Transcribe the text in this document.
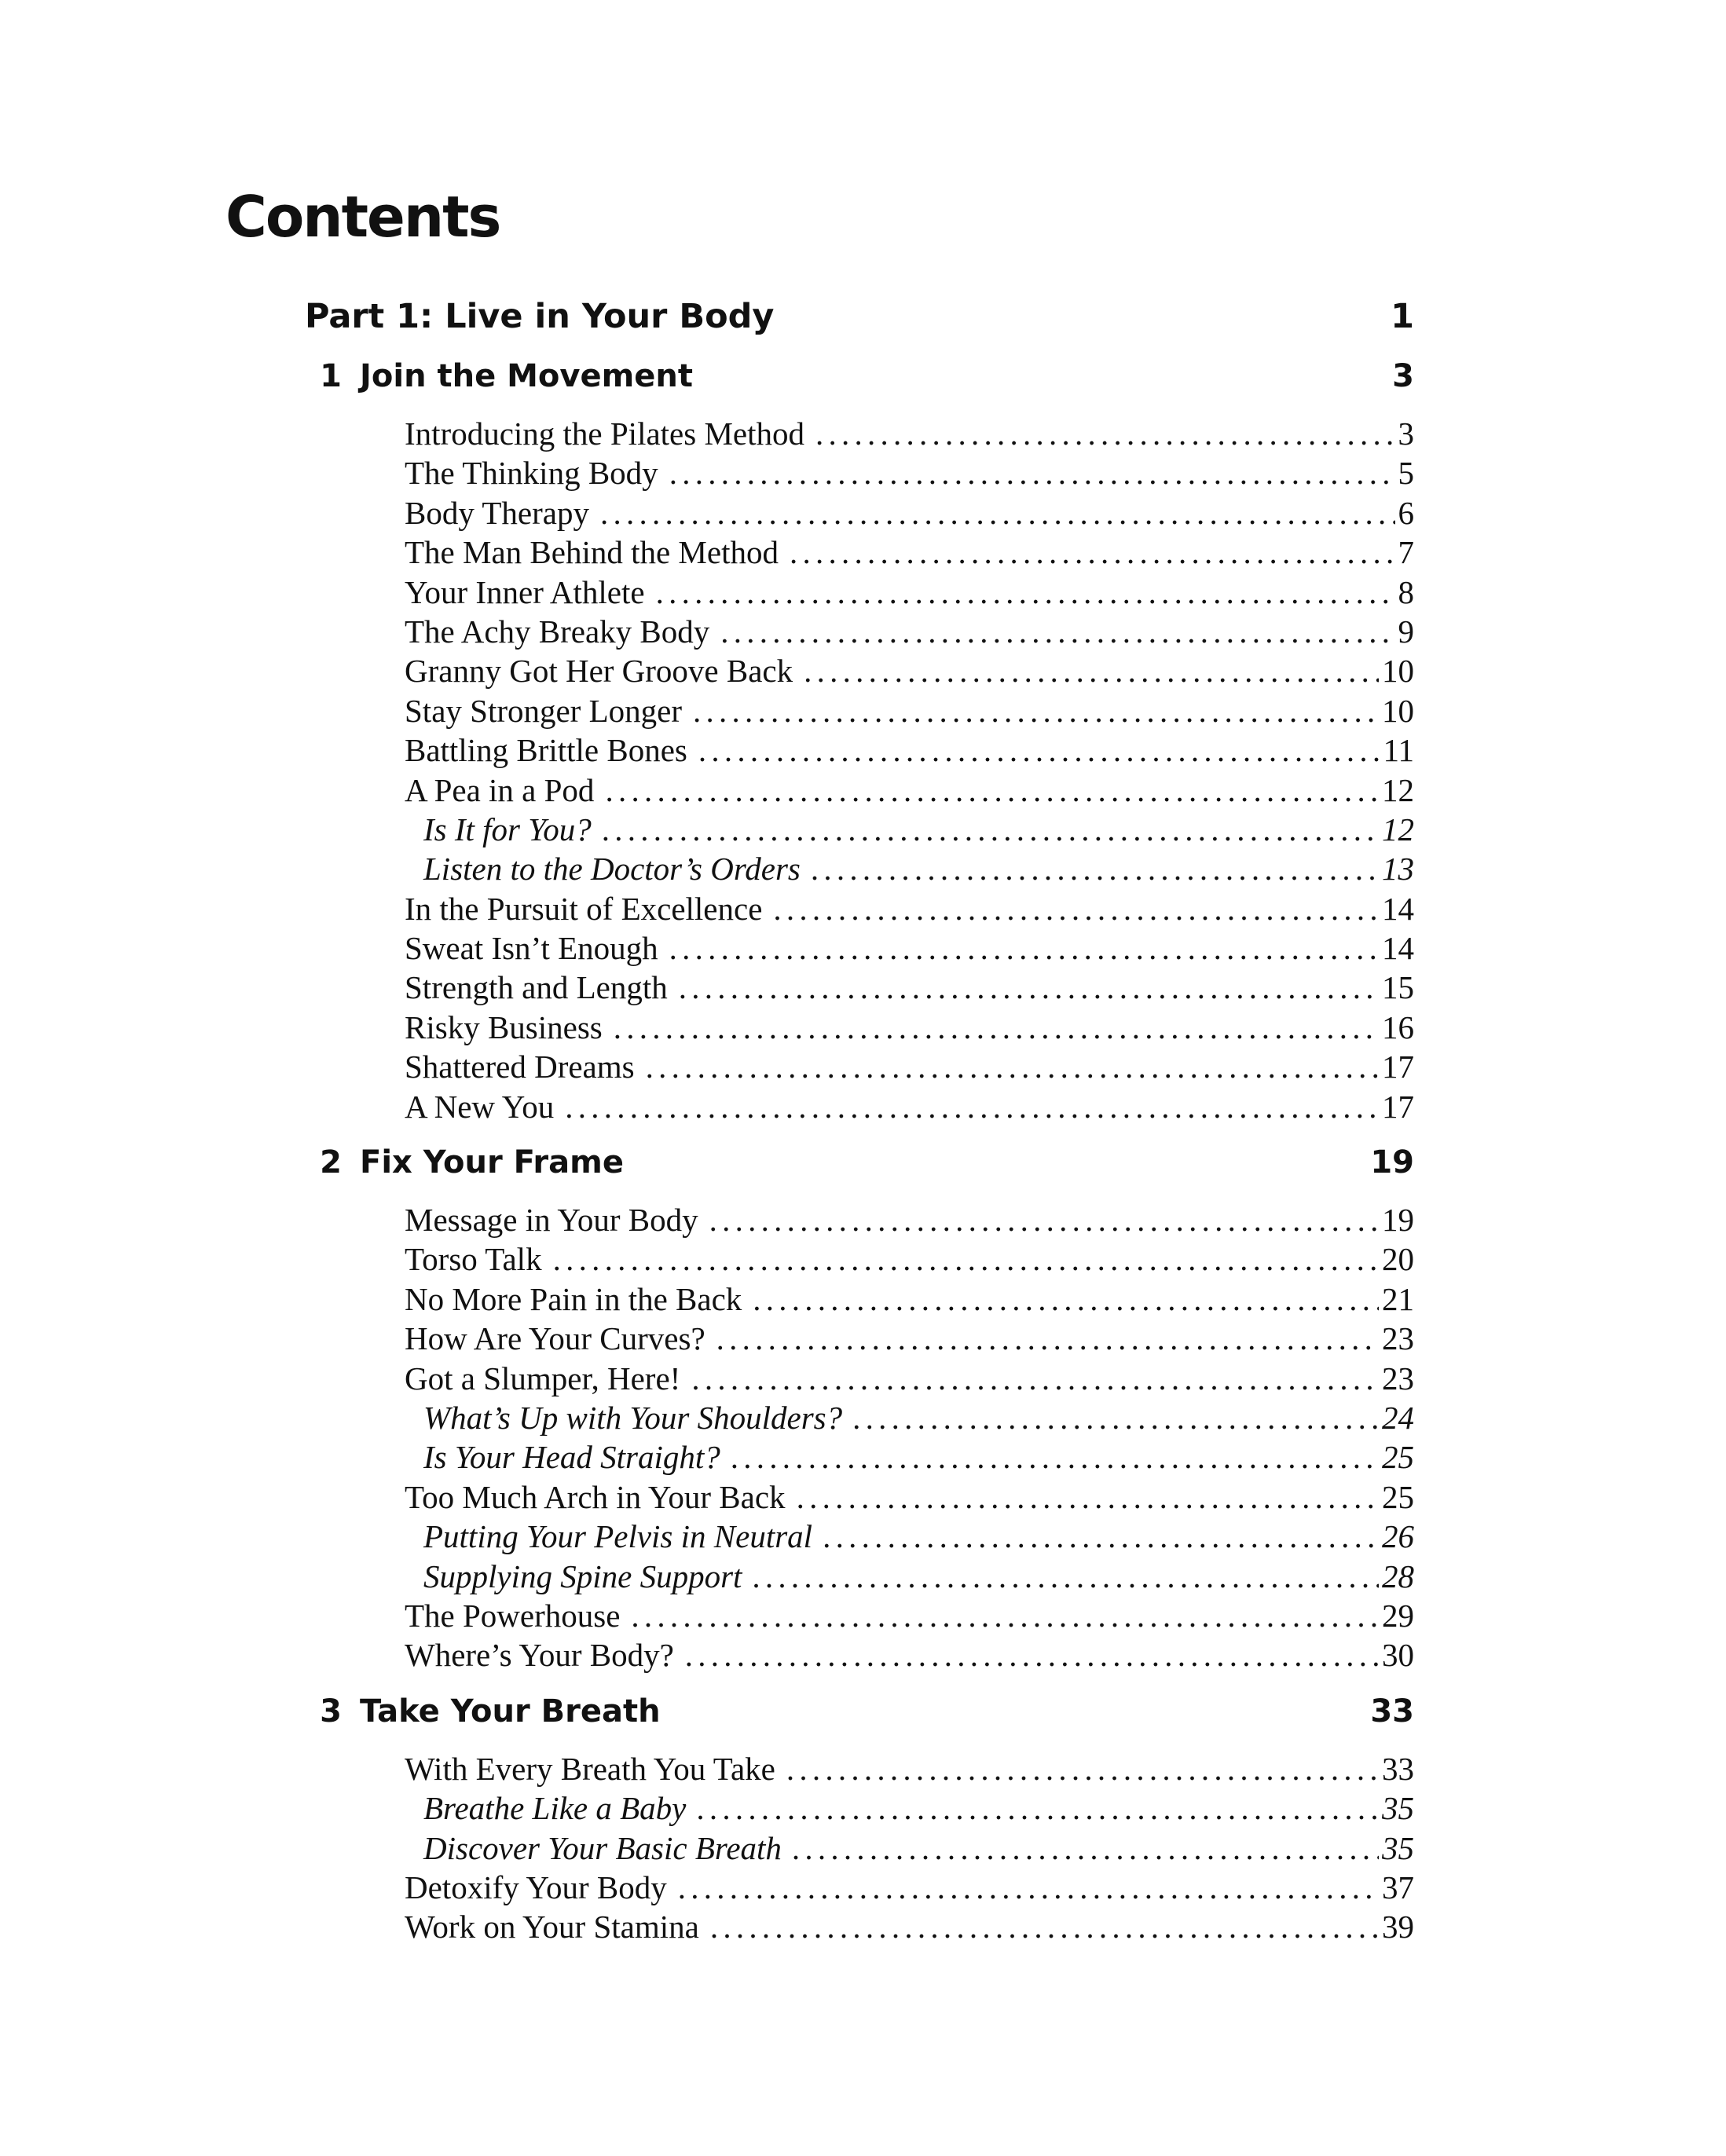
Contents
Part 1: Live in Your Body	1
1 Join the Movement	3
Introducing the Pilates Method . . .	3
The Thinking Body . . .	5
Body Therapy . . .	6
The Man Behind the Method . . .	7
Your Inner Athlete . . .	8
The Achy Breaky Body . . .	9
Granny Got Her Groove Back . . .	10
Stay Stronger Longer . . .	10
Battling Brittle Bones . . .	11
A Pea in a Pod . . .	12
Is It for You? . . .	12
Listen to the Doctor’s Orders . . .	13
In the Pursuit of Excellence . . .	14
Sweat Isn’t Enough . . .	14
Strength and Length . . .	15
Risky Business . . .	16
Shattered Dreams . . .	17
A New You . . .	17
2 Fix Your Frame	19
Message in Your Body . . .	19
Torso Talk . . .	20
No More Pain in the Back . . .	21
How Are Your Curves? . . .	23
Got a Slumper, Here! . . .	23
What’s Up with Your Shoulders? . . .	24
Is Your Head Straight? . . .	25
Too Much Arch in Your Back . . .	25
Putting Your Pelvis in Neutral . . .	26
Supplying Spine Support . . .	28
The Powerhouse . . .	29
Where’s Your Body? . . .	30
3 Take Your Breath	33
With Every Breath You Take . . .	33
Breathe Like a Baby . . .	35
Discover Your Basic Breath . . .	35
Detoxify Your Body . . .	37
Work on Your Stamina . . .	39
